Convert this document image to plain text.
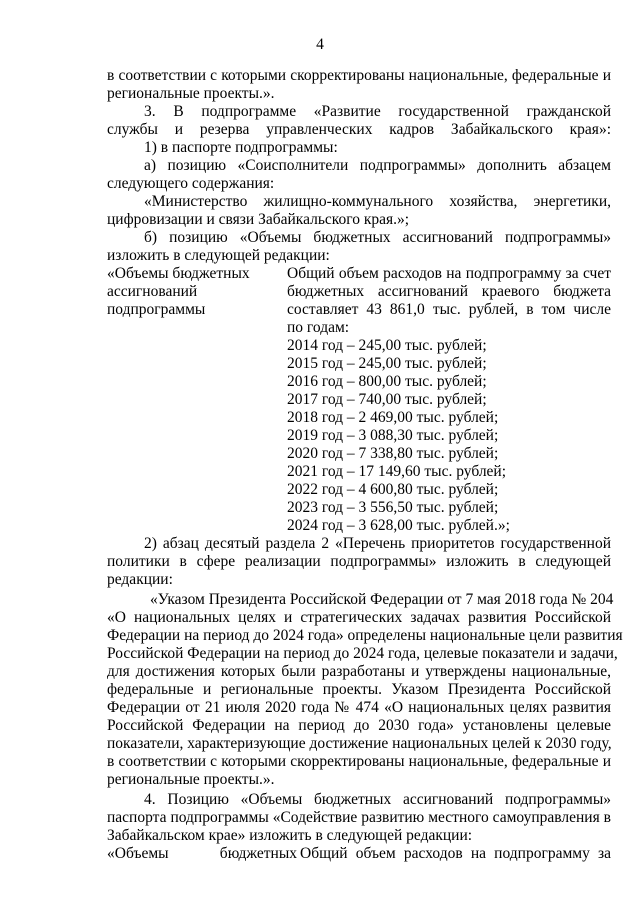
4
в соответствии с которыми скорректированы национальные, федеральные и
региональные проекты.».
3. В подпрограмме «Развитие государственной гражданской
службы и резерва управленческих кадров Забайкальского края»:
1) в паспорте подпрограммы:
а) позицию «Соисполнители подпрограммы» дополнить абзацем
следующего содержания:
«Министерство жилищно-коммунального хозяйства, энергетики,
цифровизации и связи Забайкальского края.»;
б) позицию «Объемы бюджетных ассигнований подпрограммы»
изложить в следующей редакции:
«Объемы бюджетных
ассигнований
подпрограммы
Общий объем расходов на подпрограмму за счет
бюджетных ассигнований краевого бюджета
составляет 43 861,0 тыс. рублей, в том числе
по годам:
2014 год – 245,00 тыс. рублей;
2015 год – 245,00 тыс. рублей;
2016 год – 800,00 тыс. рублей;
2017 год – 740,00 тыс. рублей;
2018 год – 2 469,00 тыс. рублей;
2019 год – 3 088,30 тыс. рублей;
2020 год – 7 338,80 тыс. рублей;
2021 год – 17 149,60 тыс. рублей;
2022 год – 4 600,80 тыс. рублей;
2023 год – 3 556,50 тыс. рублей;
2024 год – 3 628,00 тыс. рублей.»;
2) абзац десятый раздела 2 «Перечень приоритетов государственной
политики в сфере реализации подпрограммы» изложить в следующей
редакции:
«Указом Президента Российской Федерации от 7 мая 2018 года № 204
«О национальных целях и стратегических задачах развития Российской
Федерации на период до 2024 года» определены национальные цели развития
Российской Федерации на период до 2024 года, целевые показатели и задачи,
для достижения которых были разработаны и утверждены национальные,
федеральные и региональные проекты. Указом Президента Российской
Федерации от 21 июля 2020 года № 474 «О национальных целях развития
Российской Федерации на период до 2030 года» установлены целевые
показатели, характеризующие достижение национальных целей к 2030 году,
в соответствии с которыми скорректированы национальные, федеральные и
региональные проекты.».
4. Позицию «Объемы бюджетных ассигнований подпрограммы»
паспорта подпрограммы «Содействие развитию местного самоуправления в
Забайкальском крае» изложить в следующей редакции:
«Объемы бюджетных Общий объем расходов на подпрограмму за
